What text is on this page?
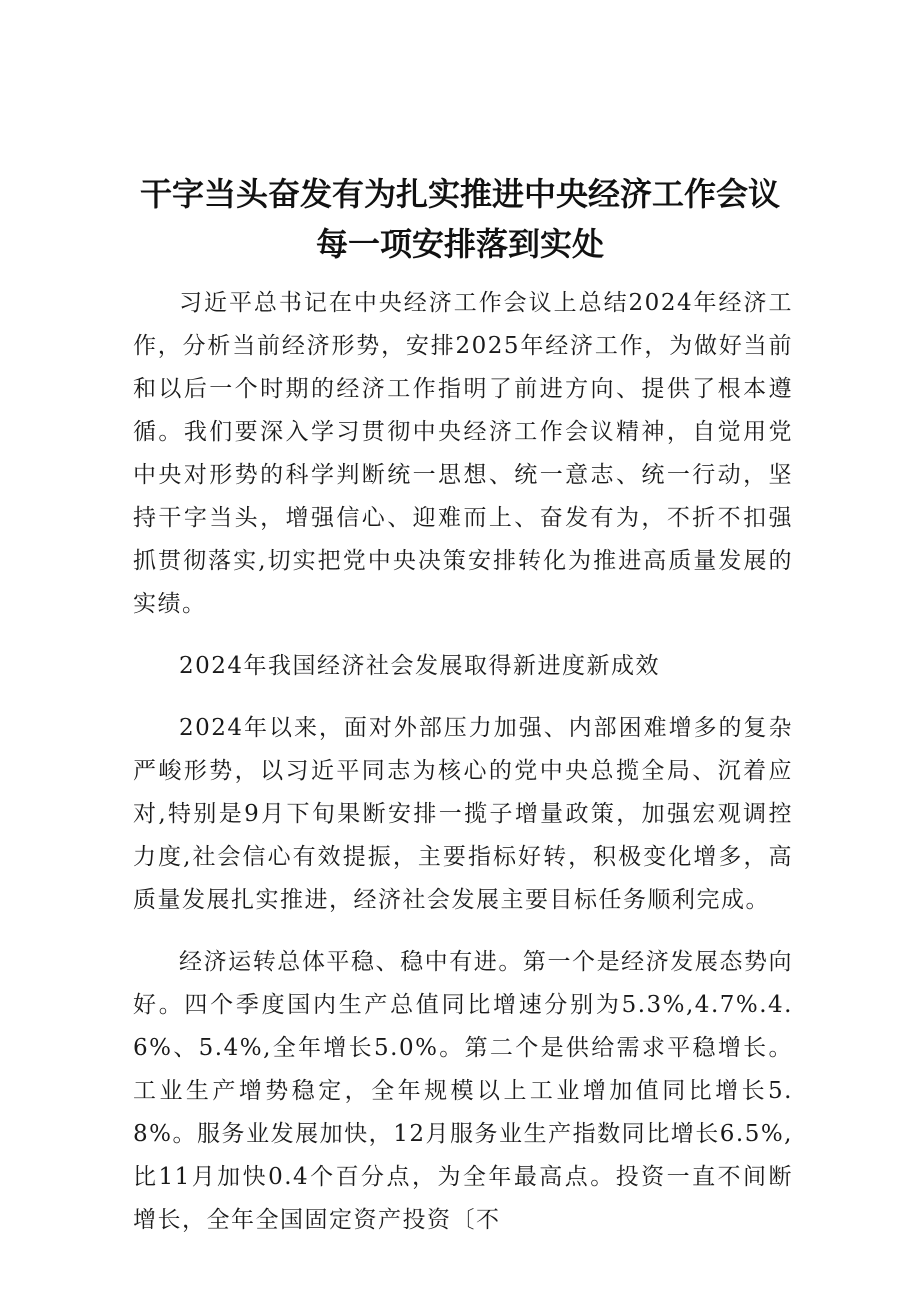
干字当头奋发有为扎实推进中央经济工作会议
每一项安排落到实处

习近平总书记在中央经济工作会议上总结2024年经济工作，分析当前经济形势，安排2025年经济工作，为做好当前和以后一个时期的经济工作指明了前进方向、提供了根本遵循。我们要深入学习贯彻中央经济工作会议精神，自觉用党中央对形势的科学判断统一思想、统一意志、统一行动，坚持干字当头，增强信心、迎难而上、奋发有为，不折不扣强抓贯彻落实,切实把党中央决策安排转化为推进高质量发展的实绩。

2024年我国经济社会发展取得新进度新成效

2024年以来，面对外部压力加强、内部困难增多的复杂严峻形势，以习近平同志为核心的党中央总揽全局、沉着应对,特别是9月下旬果断安排一揽子增量政策，加强宏观调控力度,社会信心有效提振，主要指标好转，积极变化增多，高质量发展扎实推进，经济社会发展主要目标任务顺利完成。

经济运转总体平稳、稳中有进。第一个是经济发展态势向好。四个季度国内生产总值同比增速分别为5.3%,4.7%.4.6%、5.4%,全年增长5.0%。第二个是供给需求平稳增长。工业生产增势稳定，全年规模以上工业增加值同比增长5.8%。服务业发展加快，12月服务业生产指数同比增长6.5%,比11月加快0.4个百分点，为全年最高点。投资一直不间断增长，全年全国固定资产投资〔不
